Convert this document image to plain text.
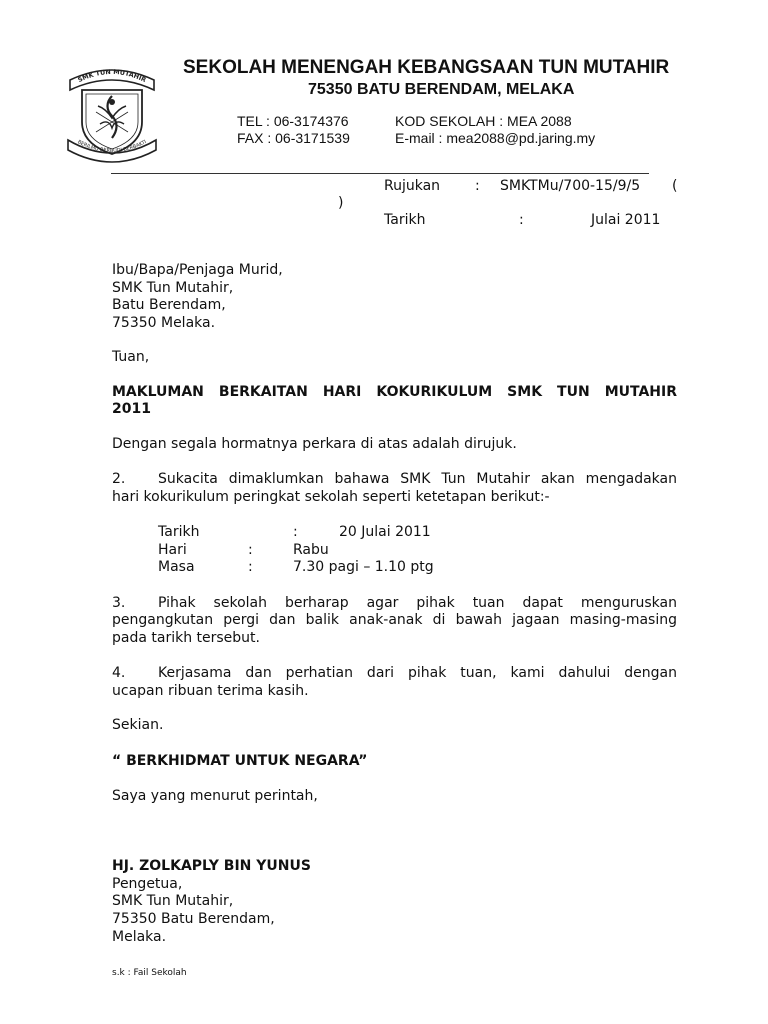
SMK TUN MUTAHIR
BERILMU BERBUDI BERBAKTI
SEKOLAH MENENGAH KEBANGSAAN TUN MUTAHIR
75350 BATU BERENDAM, MELAKA
TEL : 06-3174376
FAX : 06-3171539
KOD SEKOLAH : MEA 2088
E-mail : mea2088@pd.jaring.my
Rujukan : SMKTMu/700-15/9/5 (
)
Tarikh	:	Julai 2011
Ibu/Bapa/Penjaga Murid,
SMK Tun Mutahir,
Batu Berendam,
75350 Melaka.
Tuan,
MAKLUMAN BERKAITAN HARI KOKURIKULUM SMK TUN MUTAHIR
2011
Dengan segala hormatnya perkara di atas adalah dirujuk.
2. Sukacita dimaklumkan bahawa SMK Tun Mutahir akan mengadakan
hari kokurikulum peringkat sekolah seperti ketetapan berikut:-
Tarikh	:	20 Julai 2011
Hari	:	Rabu
Masa	:	7.30 pagi – 1.10 ptg
3. Pihak sekolah berharap agar pihak tuan dapat menguruskan
pengangkutan pergi dan balik anak-anak di bawah jagaan masing-masing
pada tarikh tersebut.
4. Kerjasama dan perhatian dari pihak tuan, kami dahului dengan
ucapan ribuan terima kasih.
Sekian.
“ BERKHIDMAT UNTUK NEGARA”
Saya yang menurut perintah,
HJ. ZOLKAPLY BIN YUNUS
Pengetua,
SMK Tun Mutahir,
75350 Batu Berendam,
Melaka.
s.k : Fail Sekolah
